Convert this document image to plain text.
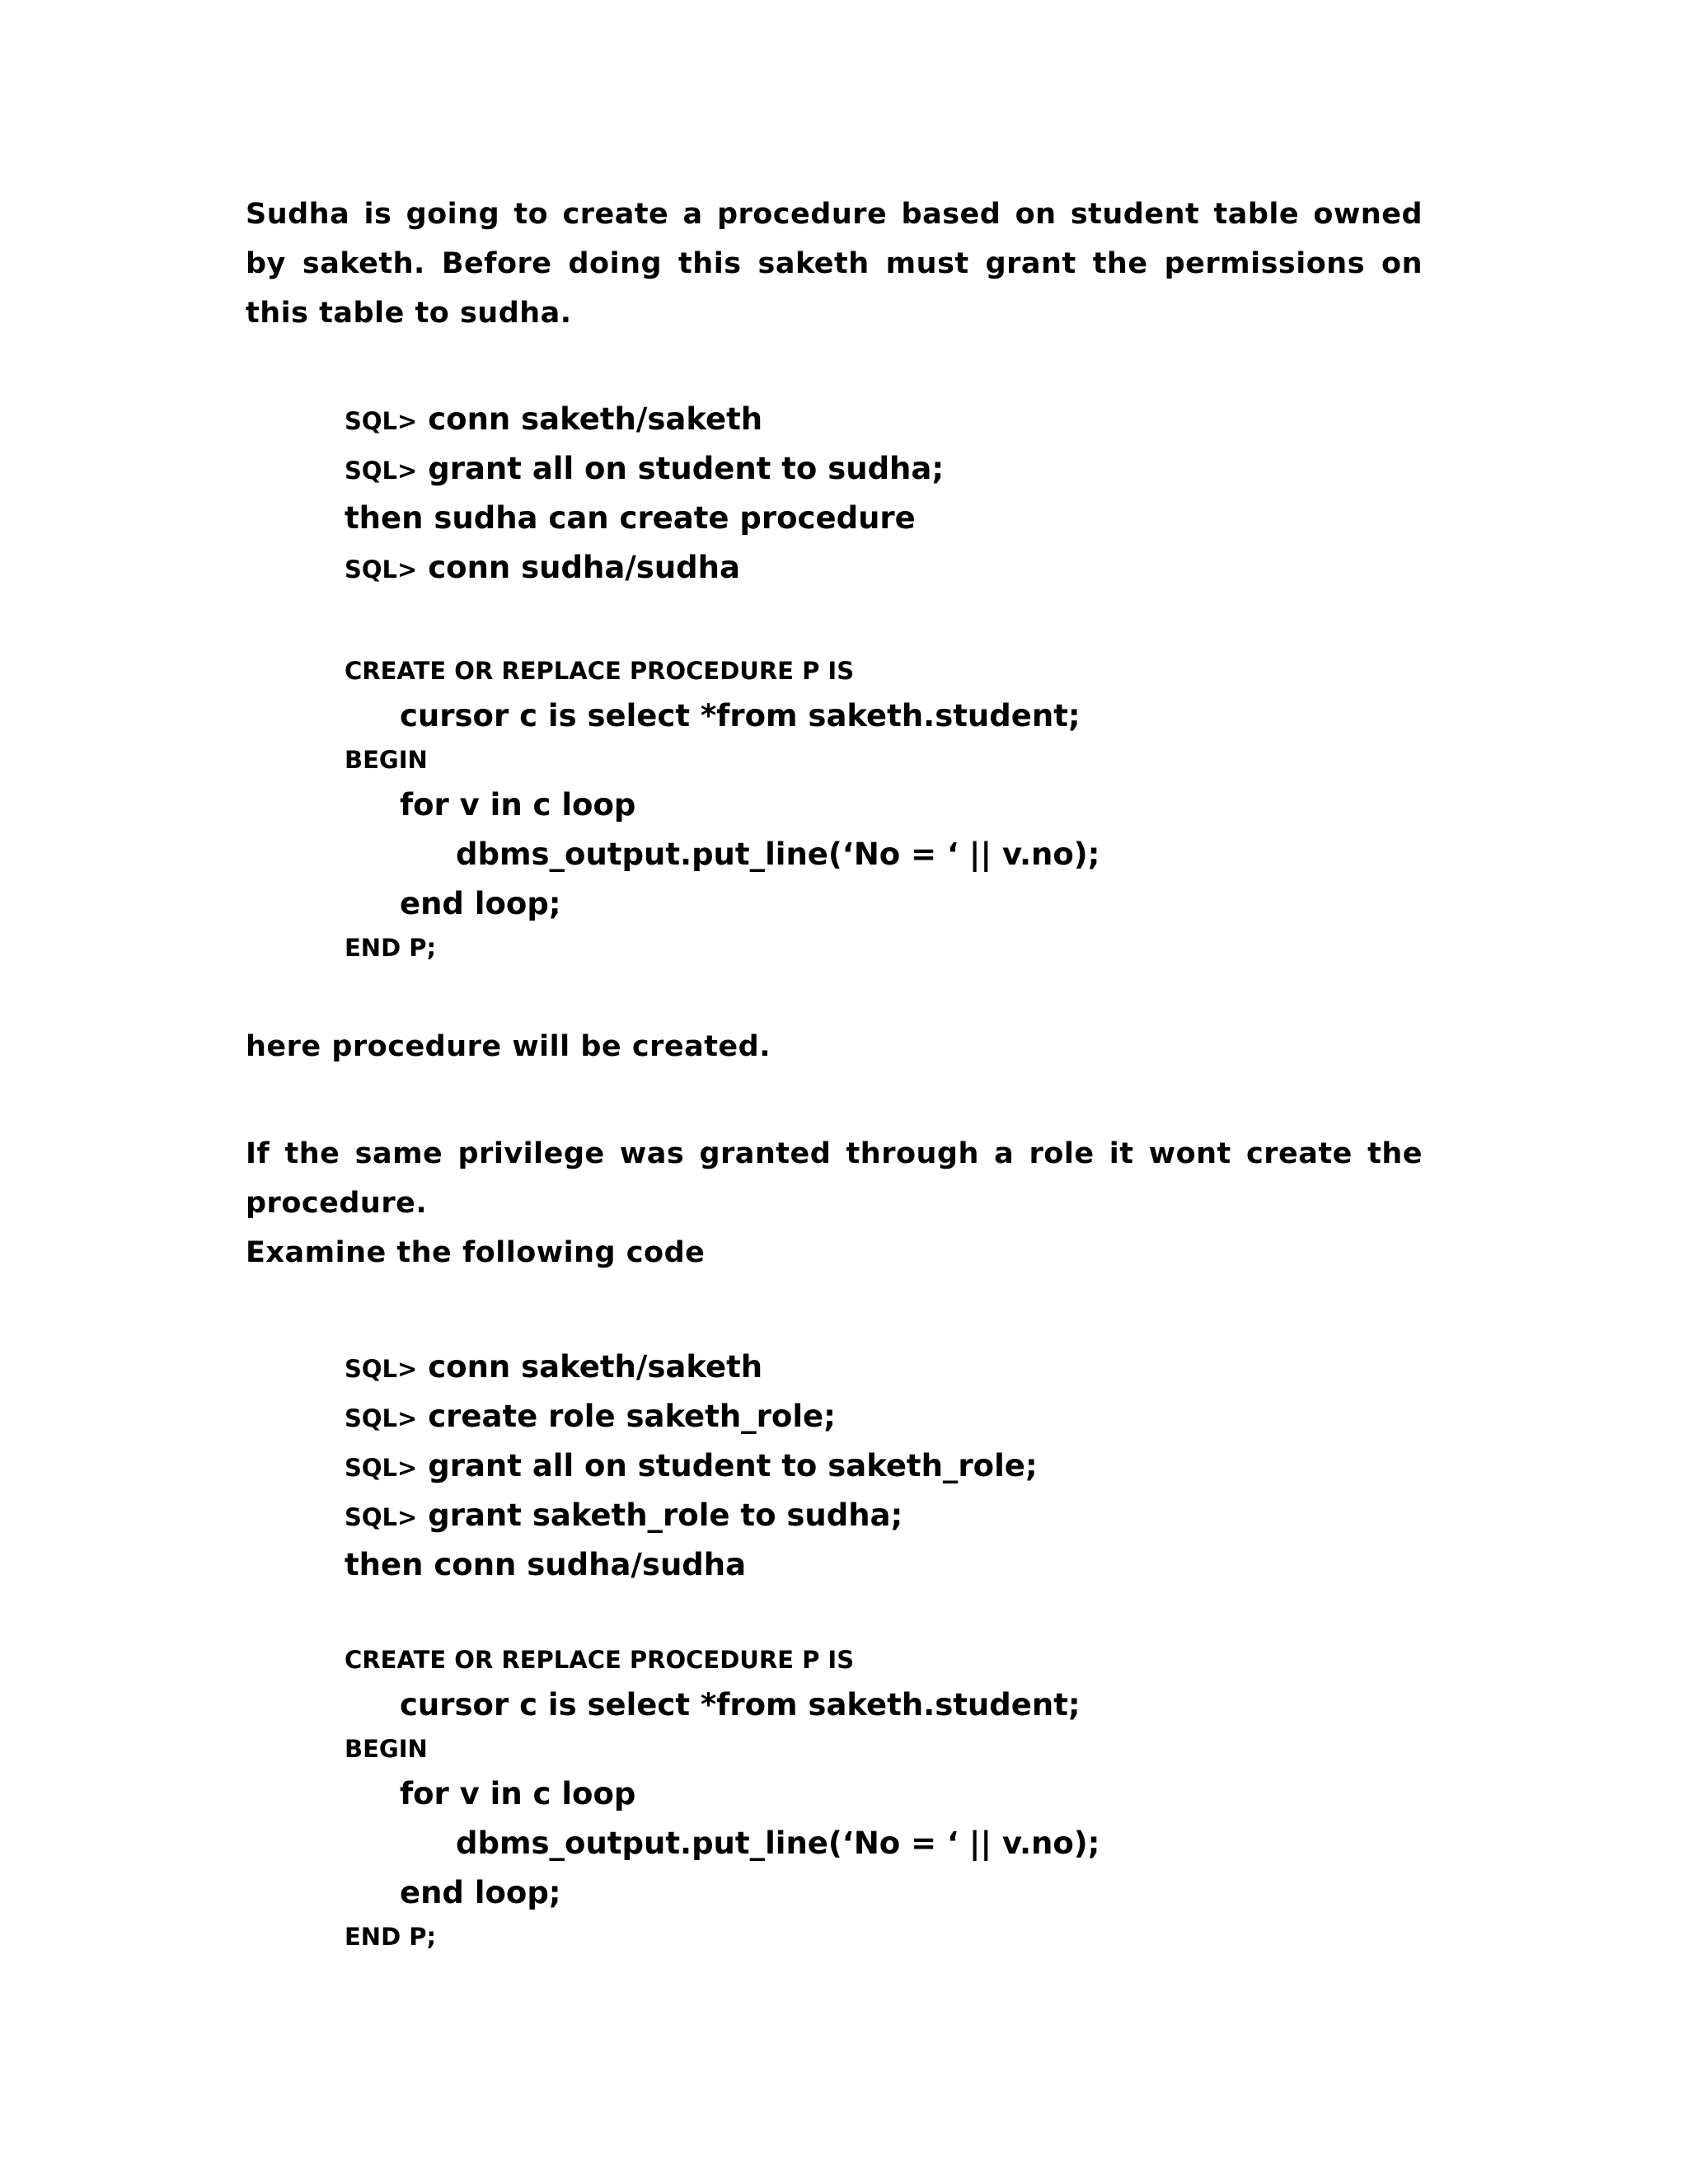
Sudha is going to create a procedure based on student table owned by saketh. Before doing this saketh must grant the permissions on this table to sudha.
SQL> conn saketh/saketh
SQL> grant all on student to sudha;
then sudha can create procedure
SQL> conn sudha/sudha
CREATE OR REPLACE PROCEDURE P IS
cursor c is select *from saketh.student;
BEGIN
for v in c loop
dbms_output.put_line(‘No = ‘ || v.no);
end loop;
END P;
here procedure will be created.
If the same privilege was granted through a role it wont create the procedure.
Examine the following code
SQL> conn saketh/saketh
SQL> create role saketh_role;
SQL> grant all on student to saketh_role;
SQL> grant saketh_role to sudha;
then conn sudha/sudha
CREATE OR REPLACE PROCEDURE P IS
cursor c is select *from saketh.student;
BEGIN
for v in c loop
dbms_output.put_line(‘No = ‘ || v.no);
end loop;
END P;
